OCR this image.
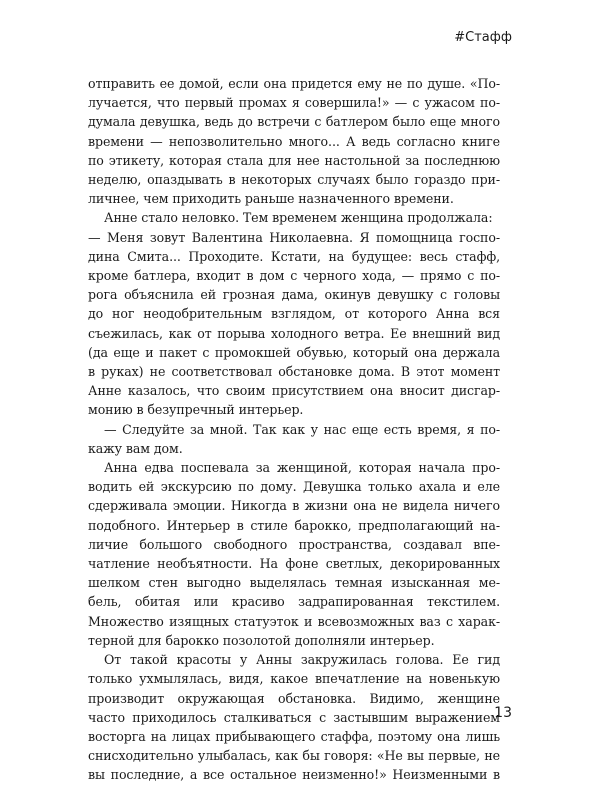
#Стафф
отправить ее домой, если она придется ему не по душе. «По-
лучается, что первый промах я совершила!» — с ужасом по-
думала девушка, ведь до встречи с батлером было еще много
времени — непозволительно много... А ведь согласно книге
по этикету, которая стала для нее настольной за последнюю
неделю, опаздывать в некоторых случаях было гораздо при-
личнее, чем приходить раньше назначенного времени.
Анне стало неловко. Тем временем женщина продолжала:
— Меня зовут Валентина Николаевна. Я помощница госпо-
дина Смита... Проходите. Кстати, на будущее: весь стафф,
кроме батлера, входит в дом с черного хода, — прямо с по-
рога объяснила ей грозная дама, окинув девушку с головы
до ног неодобрительным взглядом, от которого Анна вся
съежилась, как от порыва холодного ветра. Ее внешний вид
(да еще и пакет с промокшей обувью, который она держала
в руках) не соответствовал обстановке дома. В этот момент
Анне казалось, что своим присутствием она вносит дисгар-
монию в безупречный интерьер.
— Следуйте за мной. Так как у нас еще есть время, я по-
кажу вам дом.
Анна едва поспевала за женщиной, которая начала про-
водить ей экскурсию по дому. Девушка только ахала и еле
сдерживала эмоции. Никогда в жизни она не видела ничего
подобного. Интерьер в стиле барокко, предполагающий на-
личие большого свободного пространства, создавал впе-
чатление необъятности. На фоне светлых, декорированных
шелком стен выгодно выделялась темная изысканная ме-
бель, обитая или красиво задрапированная текстилем.
Множество изящных статуэток и всевозможных ваз с харак-
терной для барокко позолотой дополняли интерьер.
От такой красоты у Анны закружилась голова. Ее гид
только ухмылялась, видя, какое впечатление на новенькую
производит окружающая обстановка. Видимо, женщине
часто приходилось сталкиваться с застывшим выражением
восторга на лицах прибывающего стаффа, поэтому она лишь
снисходительно улыбалась, как бы говоря: «Не вы первые, не
вы последние, а все остальное неизменно!» Неизменными в
13
